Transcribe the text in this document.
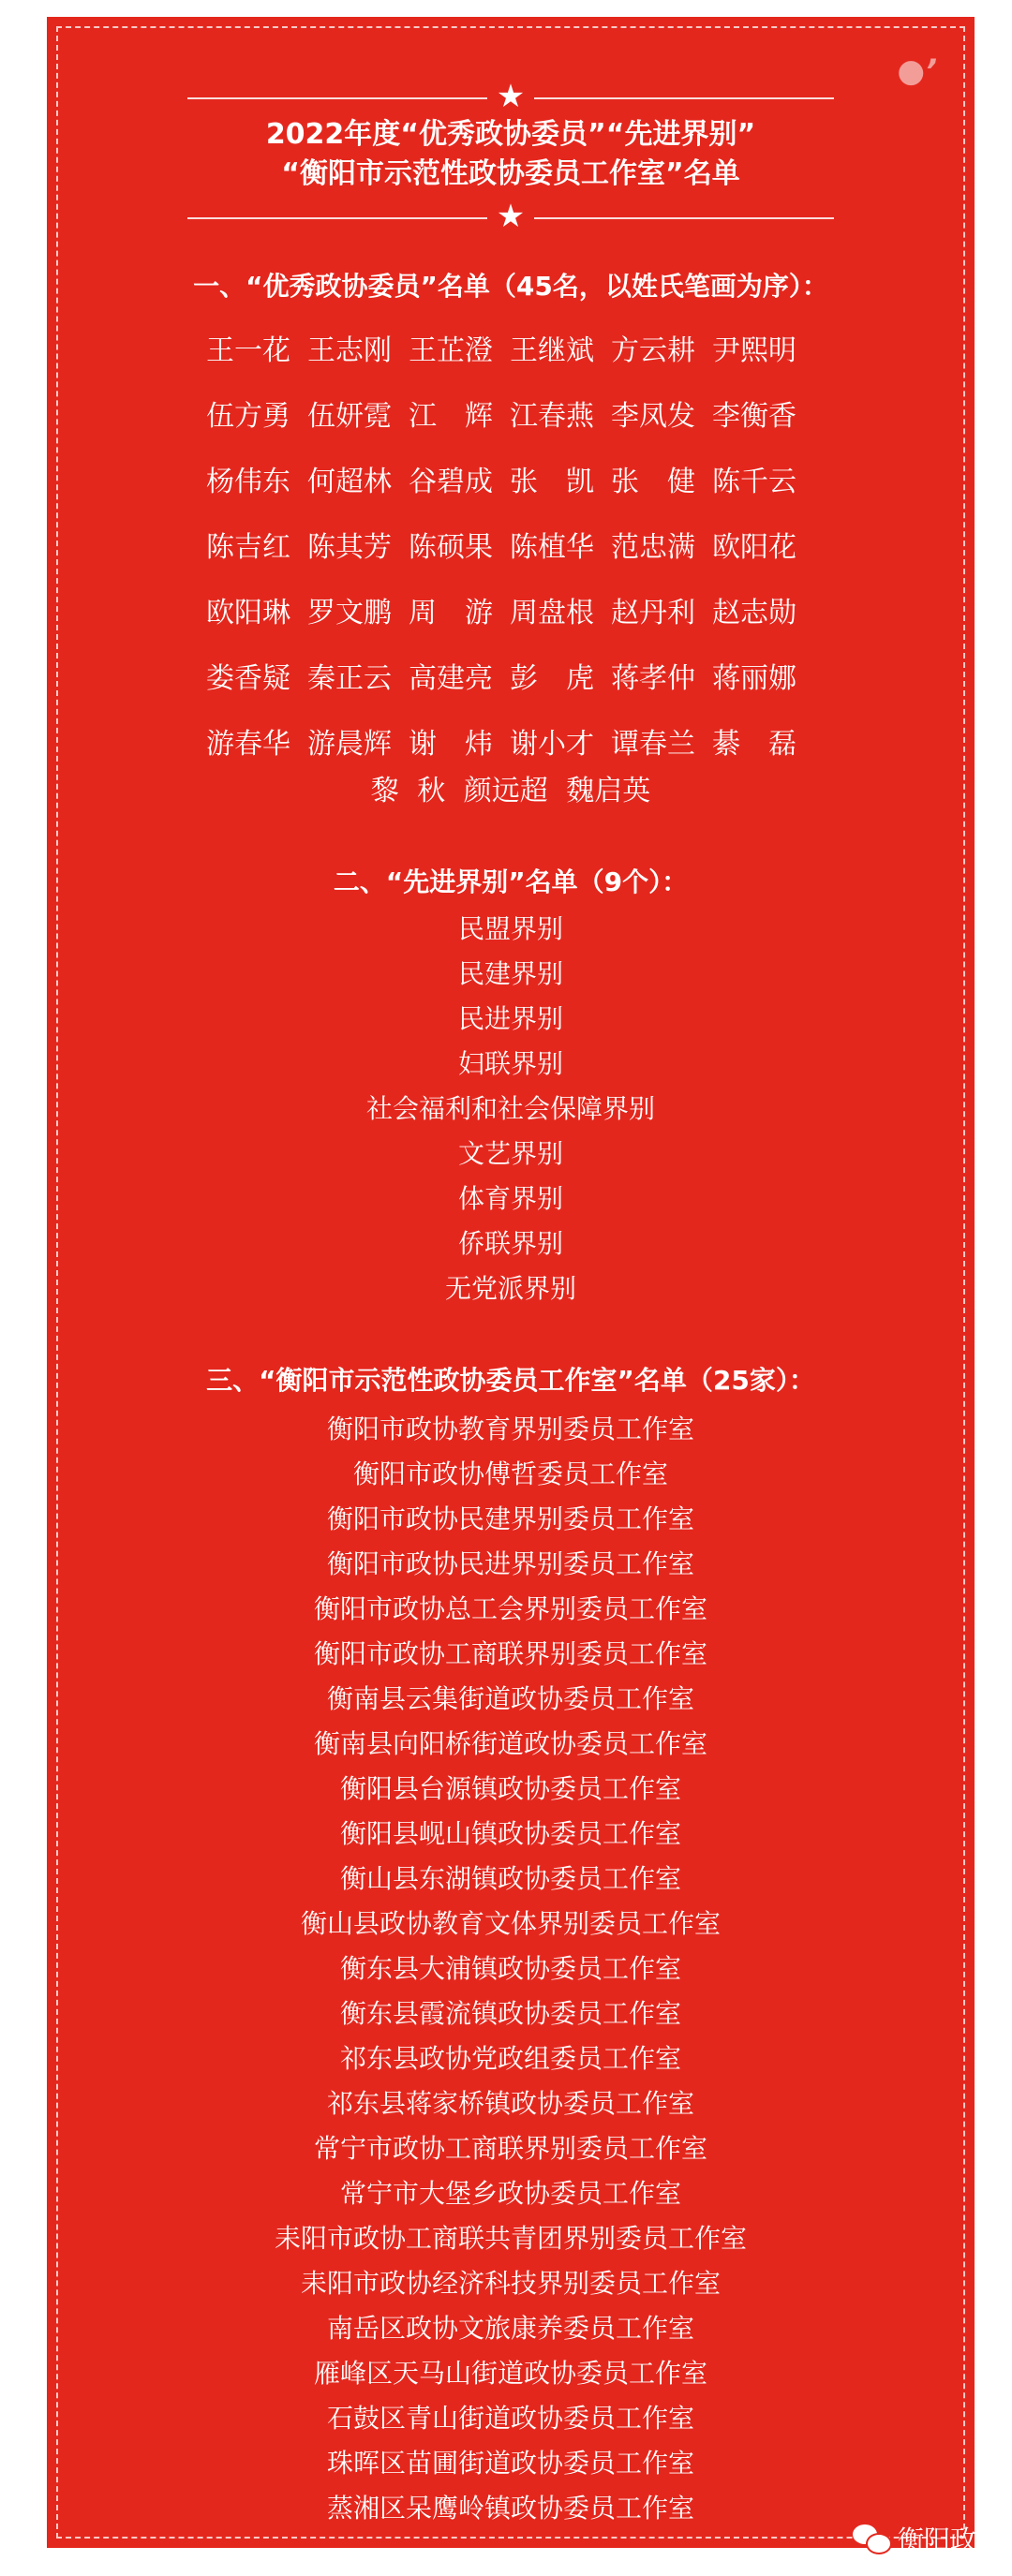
●’
★
2022年度“优秀政协委员”“先进界别”
“衡阳市示范性政协委员工作室”名单
★
一、“优秀政协委员”名单（45名，以姓氏笔画为序）：
王一花 王志刚 王芷澄 王继斌 方云耕 尹熙明
伍方勇 伍妍霓 江　辉 江春燕 李凤发 李衡香
杨伟东 何超林 谷碧成 张　凯 张　健 陈千云
陈吉红 陈其芳 陈硕果 陈植华 范忠满 欧阳花
欧阳琳 罗文鹏 周　游 周盘根 赵丹利 赵志勋
娄香疑 秦正云 高建亮 彭　虎 蒋孝仲 蒋丽娜
游春华 游晨辉 谢　炜 谢小才 谭春兰 綦　磊
黎 秋 颜远超 魏启英
二、“先进界别”名单（9个）：
民盟界别
民建界别
民进界别
妇联界别
社会福利和社会保障界别
文艺界别
体育界别
侨联界别
无党派界别
三、“衡阳市示范性政协委员工作室”名单（25家）：
衡阳市政协教育界别委员工作室
衡阳市政协傅哲委员工作室
衡阳市政协民建界别委员工作室
衡阳市政协民进界别委员工作室
衡阳市政协总工会界别委员工作室
衡阳市政协工商联界别委员工作室
衡南县云集街道政协委员工作室
衡南县向阳桥街道政协委员工作室
衡阳县台源镇政协委员工作室
衡阳县岘山镇政协委员工作室
衡山县东湖镇政协委员工作室
衡山县政协教育文体界别委员工作室
衡东县大浦镇政协委员工作室
衡东县霞流镇政协委员工作室
祁东县政协党政组委员工作室
祁东县蒋家桥镇政协委员工作室
常宁市政协工商联界别委员工作室
常宁市大堡乡政协委员工作室
耒阳市政协工商联共青团界别委员工作室
耒阳市政协经济科技界别委员工作室
南岳区政协文旅康养委员工作室
雁峰区天马山街道政协委员工作室
石鼓区青山街道政协委员工作室
珠晖区苗圃街道政协委员工作室
蒸湘区呆鹰岭镇政协委员工作室
衡阳政协
